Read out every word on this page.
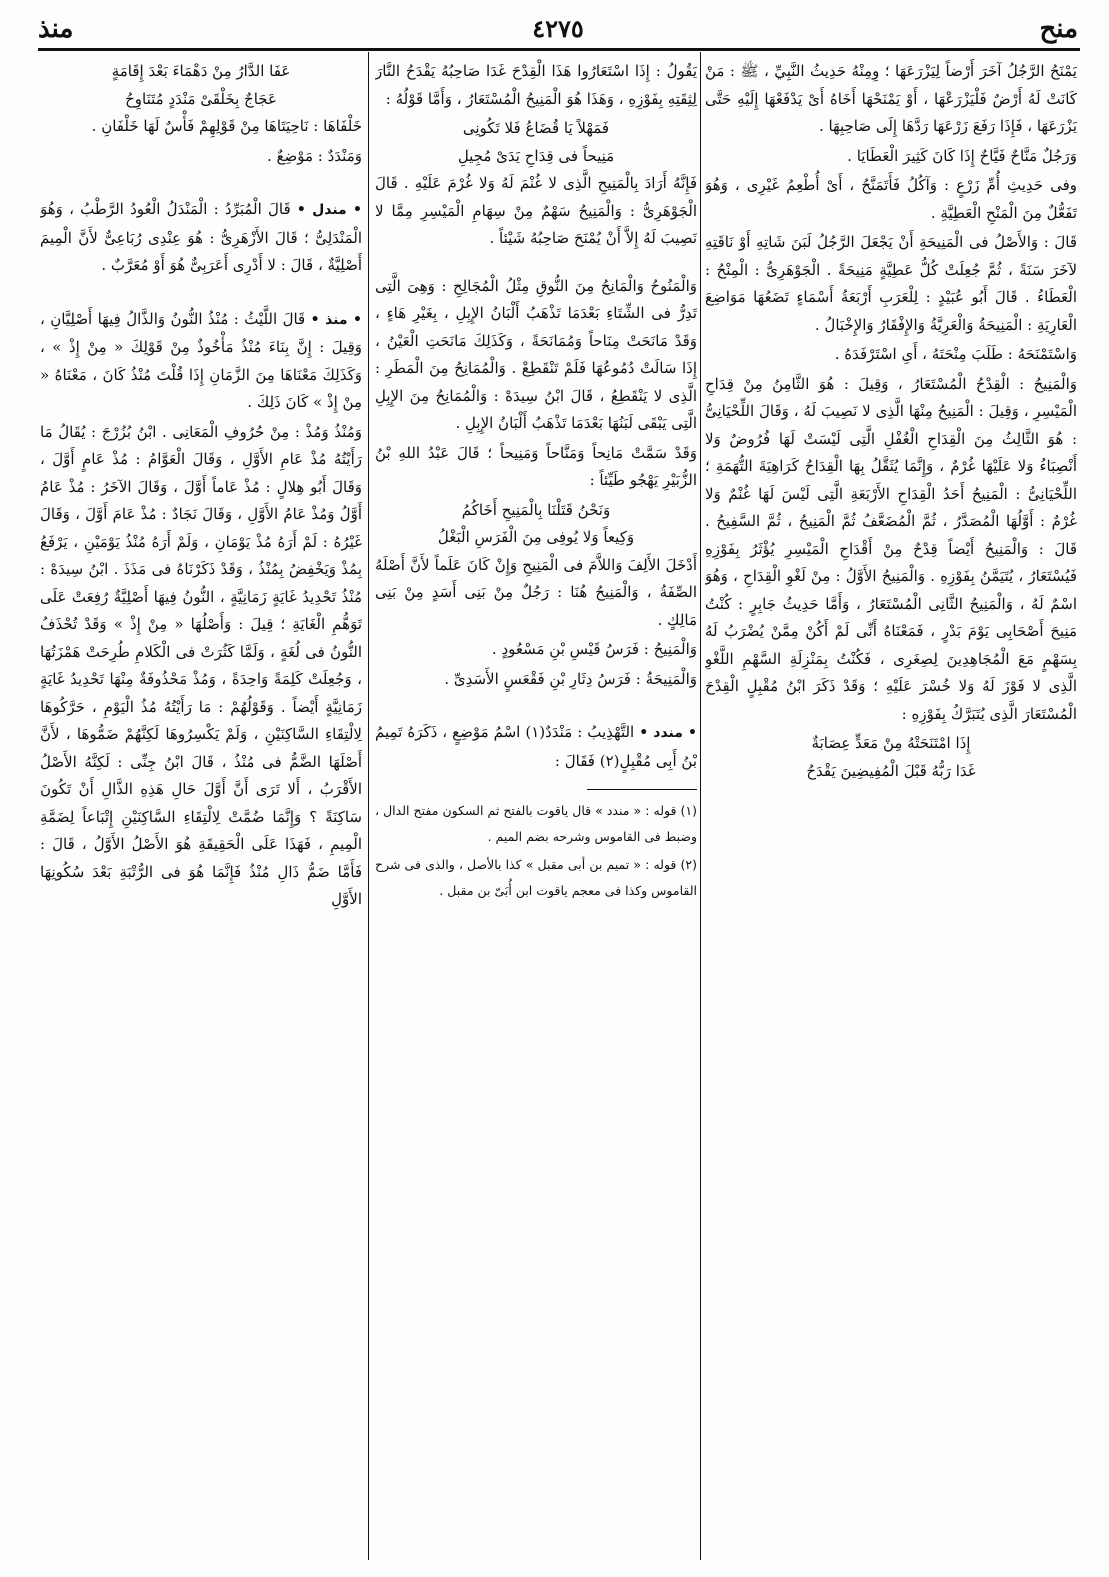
منح
٤٢٧٥
منذ

يَمْنَحُ الرَّجُلُ آخَرَ أَرْضاً لِيَزْرَعَهَا ؛ وِمِنْهُ حَدِيثُ النَّبِيِّ ، ﷺ : مَنْ كَانَتْ لَهُ أَرْضٌ فَلْيَزْرَعْهَا ، أَوْ يَمْنَحْهَا أَخَاهُ أَىْ يَدْفَعْهَا إِلَيْهِ حَتَّى يَزْرَعَهَا ، فَإِذَا رَفَعَ زَرْعَهَا رَدَّهَا إِلَى صَاحِبِهَا .

وَرَجُلٌ مَنَّاحٌ فَيَّاحٌ إِذَا كَانَ كَثِيرَ الْعَطَايَا .

وفى حَدِيثِ أُمِّ زَرْعٍ : وَآكُلُ فَأَتَمَنَّحُ ، أَىْ أُطْعِمُ غَيْرِى ، وَهُوَ تَفَعُّلٌ مِنَ الْمَنْحِ الْعَطِيَّةِ .

قَالَ : وَالأَصْلُ فى الْمَنِيحَةِ أَنْ يَجْعَلَ الرَّجُلُ لَبَنَ شَاتِهِ أَوْ نَاقَتِهِ لآخَرَ سَنَةً ، ثُمَّ جُعِلَتْ كُلُّ عَطِيَّةٍ مَنِيحَةً . الْجَوْهَرِىُّ : الْمِنْحُ : الْعَطَاءُ . قَالَ أَبُو عُبَيْدٍ : لِلْعَرَبِ أَرْبَعَةُ أَسْمَاءٍ تَضَعُهَا مَوَاضِعَ الْعَارِيَةِ : الْمَنِيحَةُ وَالْعَرِيَّةُ وَالإِفْقَارُ وَالإِخْبَالُ .

وَاسْتَمْنَحَهُ : طَلَبَ مِنْحَتَهُ ، أَىِ اسْتَرْفَدَهُ .

وَالْمَنِيحُ : الْقِدْحُ الْمُسْتَعَارُ ، وَقِيلَ : هُوَ الثَّامِنُ مِنْ قِدَاحِ الْمَيْسِرِ ، وَقِيلَ : الْمَنِيحُ مِنْهَا الَّذِى لا نَصِيبَ لَهُ ، وَقَالَ اللِّحْيَانِىُّ : هُوَ الثَّالِثُ مِنَ الْقِدَاحِ الْغُفْلِ الَّتِى لَيْسَتْ لَهَا فُرُوضٌ وَلا أَنْصِبَاءُ وَلا عَلَيْهَا غُرْمٌ ، وَإِنَّمَا يُثَقَّلُ بِهَا الْقِدَاحُ كَرَاهِيَةَ التُّهَمَةِ ؛ اللِّحْيَانِىُّ : الْمَنِيحُ أَحَدُ الْقِدَاحِ الأَرْبَعَةِ الَّتِى لَيْسَ لَهَا غُنْمٌ وَلا غُرْمٌ : أَوَّلُهَا الْمُصَدَّرُ ، ثُمَّ الْمُضَعَّفُ ثُمَّ الْمَنِيحُ ، ثُمَّ السَّفِيحُ . قَالَ : وَالْمَنِيحُ أَيْضاً قِدْحٌ مِنْ أَقْدَاحِ الْمَيْسِرِ يُؤْثَرُ بِفَوْزِهِ فَيُسْتَعَارُ ، يُتَيَمَّنُ بِفَوْزِهِ . وَالْمَنِيحُ الأَوَّلُ : مِنْ لَغْوِ الْقِدَاحِ ، وَهُوَ اسْمٌ لَهُ ، وَالْمَنِيحُ الثَّانِى الْمُسْتَعَارُ ، وَأَمَّا حَدِيثُ جَابِرٍ : كُنْتُ مَنِيحَ أَصْحَابِى يَوْمَ بَدْرٍ ، فَمَعْنَاهُ أَنِّى لَمْ أَكُنْ مِمَّنْ يُضْرَبُ لَهُ بِسَهْمٍ مَعَ الْمُجَاهِدِينَ لِصِغَرِى ، فَكُنْتُ بِمَنْزِلَةِ السَّهْمِ اللَّغْوِ الَّذِى لا فَوْزَ لَهُ وَلا خُسْرَ عَلَيْهِ ؛ وَقَدْ ذَكَرَ ابْنُ مُقْبِلٍ الْقِدْحَ الْمُسْتَعَارَ الَّذِى يُتَبَرَّكُ بِفَوْزِهِ :

إِذَا امْتَنَحَتْهُ مِنْ مَعَدٍّ عِصَابَةٌ

غَدَا رَبُّهُ قَبْلَ الْمُفِيضِينَ يَقْدَحُ

يَقُولُ : إِذَا اسْتَعَارُوا هَذَا الْقِدْحَ غَدَا صَاحِبُهُ يَقْدَحُ النَّارَ لِثِقَتِهِ بِفَوْزِهِ ، وَهَذَا هُوَ الْمَنِيحُ الْمُسْتَعَارُ ، وَأَمَّا قَوْلُهُ :

فَمَهْلاً يَا قُضَاعُ فَلا تَكُونِى

مَنِيحاً فى قِدَاحِ يَدَىْ مُجِيلِ

فَإِنَّهُ أَرَادَ بِالْمَنِيحِ الَّذِى لا غُنْمَ لَهُ وَلا غُرْمَ عَلَيْهِ . قَالَ الْجَوْهَرِىُّ : وَالْمَنِيحُ سَهْمٌ مِنْ سِهَامِ الْمَيْسِرِ مِمَّا لا نَصِيبَ لَهُ إِلاَّ أَنْ يُمْنَحَ صَاحِبُهُ شَيْئاً .

وَالْمَنُوحُ وَالْمَانِحُ مِنَ النُّوقِ مِثْلُ الْمُجَالِحِ : وَهِىَ الَّتِى تَدِرُّ فى الشِّتَاءِ بَعْدَمَا تَذْهَبُ أَلْبَانُ الإِبِلِ ، بِغَيْرِ هَاءٍ ، وَقَدْ مَانَحَتْ مِنَاحاً وَمُمَانَحَةً ، وَكَذَلِكَ مَانَحَتِ الْعَيْنُ ، إِذَا سَالَتْ دُمُوعُهَا فَلَمْ تَنْقَطِعْ . وَالْمُمَانِحُ مِنَ الْمَطَرِ : الَّذِى لا يَنْقَطِعُ ، قَالَ ابْنُ سِيدَهْ : وَالْمُمَانِحُ مِنَ الإِبِلِ الَّتِى يَبْقَى لَبَنُهَا بَعْدَمَا تَذْهَبُ أَلْبَانُ الإِبِلِ .

وَقَدْ سَمَّتْ مَانِحاً وَمَنَّاحاً وَمَنِيحاً ؛ قَالَ عَبْدُ اللهِ بْنُ الزُّبَيْرِ يَهْجُو طَيِّئاً :

وَنَحْنُ قَتَلْنَا بِالْمَنِيحِ أَخَاكُمُ

وَكِيعاً وَلا يُوفِى مِنَ الْفَرَسِ الْبَغْلُ

أَدْخَلَ الأَلِفَ وَاللاَّمَ فى الْمَنِيحِ وَإِنْ كَانَ عَلَماً لأَنَّ أَصْلَهُ الصِّفَةُ ، وَالْمَنِيحُ هُنَا : رَجُلٌ مِنْ بَنِى أَسَدٍ مِنْ بَنِى مَالِكٍ .

وَالْمَنِيحُ : فَرَسُ قَيْسِ بْنِ مَسْعُودٍ .

وَالْمَنِيحَةُ : فَرَسُ دِثَارِ بْنِ فَقْعَسٍ الأَسَدِىِّ .

• مندد • التَّهْذِيبُ : مَنْدَدٌ(١) اسْمُ مَوْضِعٍ ، ذَكَرَهُ تَمِيمُ بْنُ أَبِى مُقْبِلٍ(٢) فَقَالَ :

(١) قوله : « مندد » قال ياقوت بالفتح ثم السكون مفتح الدال ، وضبط فى القاموس وشرحه بضم الميم .

(٢) قوله : « تميم بن أبى مقبل » كذا بالأصل ، والذى فى شرح القاموس وكذا فى معجم ياقوت ابن أُبَىّ بن مقبل .

عَفَا الدَّارُ مِنْ دَهْمَاءَ بَعْدَ إِقَامَةٍ

عَجَاجٌ بِخَلْقَىْ مَنْدَدٍ مُتَنَاوِحُ

خَلْفَاهَا : نَاحِيَتَاهَا مِنْ قَوْلِهِمْ فَأْسٌ لَهَا خَلْفَانِ .

وَمَنْدَدٌ : مَوْضِعٌ .

• مندل • قَالَ الْمُبَرِّدُ : الْمَنْدَلُ الْعُودُ الرَّطْبُ ، وَهُوَ الْمَنْدَلِىُّ ؛ قَالَ الأَزْهَرِىُّ : هُوَ عِنْدِى رُبَاعِىٌّ لأَنَّ الْمِيمَ أَصْلِيَّةٌ ، قَالَ : لا أَدْرِى أَعَرَبِىٌّ هُوَ أَوْ مُعَرَّبٌ .

• منذ • قَالَ اللَّيْثُ : مُنْذُ النُّونُ وَالذَّالُ فِيهَا أَصْلِيَّانِ ، وَقِيلَ : إِنَّ بِنَاءَ مُنْذُ مَأْخُوذٌ مِنْ قَوْلِكَ « مِنْ إِذْ » ، وَكَذَلِكَ مَعْنَاهَا مِنَ الزَّمَانِ إِذَا قُلْتَ مُنْذُ كَانَ ، مَعْنَاهُ « مِنْ إِذْ » كَانَ ذَلِكَ .

وَمُنْذُ وَمُذْ : مِنْ حُرُوفِ الْمَعَانِى . ابْنُ بُزُرْجَ : يُقَالُ مَا رَأَيْتُهُ مُذْ عَامِ الأَوَّلِ ، وَقَالَ الْعَوَّامُ : مُذْ عَامٍ أَوَّلَ ، وَقَالَ أَبُو هِلالٍ : مُذْ عَاماً أَوَّلَ ، وَقَالَ الآخَرُ : مُذْ عَامُ أَوَّلُ وَمُذْ عَامُ الأَوَّلِ ، وَقَالَ نَجَادٌ : مُذْ عَامَ أَوَّلَ ، وَقَالَ غَيْرُهُ : لَمْ أَرَهُ مُذْ يَوْمَانِ ، وَلَمْ أَرَهُ مُنْذُ يَوْمَيْنِ ، يَرْفَعُ بِمُذْ وَيَخْفِضُ بِمُنْذُ ، وَقَدْ ذَكَرْنَاهُ فى مَذَذَ . ابْنُ سِيدَهْ : مُنْذُ تَحْدِيدُ غَايَةٍ زَمَانِيَّةٍ ، النُّونُ فِيهَا أَصْلِيَّةٌ رُفِعَتْ عَلَى تَوَهُّمِ الْغَايَةِ ؛ قِيلَ : وَأَصْلُهَا « مِنْ إِذْ » وَقَدْ تُحْذَفُ النُّونُ فى لُغَةٍ ، وَلَمَّا كَثُرَتْ فى الْكَلامِ طُرِحَتْ هَمْزَتُهَا ، وَجُعِلَتْ كَلِمَةً وَاحِدَةً ، وَمُذْ مَحْذُوفَةٌ مِنْهَا تَحْدِيدُ غَايَةٍ زَمَانِيَّةٍ أَيْضاً . وَقَوْلُهُمْ : مَا رَأَيْتُهُ مُذُ الْيَوْمِ ، حَرَّكُوهَا لِالْتِقَاءِ السَّاكِنَيْنِ ، وَلَمْ يَكْسِرُوهَا لَكِنَّهُمْ ضَمُّوهَا ، لأَنَّ أَصْلَهَا الضَّمُّ فى مُنْذُ ، قَالَ ابْنُ جِنِّى : لَكِنَّهُ الأَصْلُ الأَقْرَبُ ، أَلا تَرَى أَنَّ أَوَّلَ حَالِ هَذِهِ الذَّالِ أَنْ تَكُونَ سَاكِنَةً ؟ وَإِنَّمَا ضُمَّتْ لِالْتِقَاءِ السَّاكِنَيْنِ إِتْبَاعاً لِضَمَّةِ الْمِيمِ ، فَهَذَا عَلَى الْحَقِيقَةِ هُوَ الأَصْلُ الأَوَّلُ ، قَالَ : فَأَمَّا ضَمُّ ذَالِ مُنْذُ فَإِنَّمَا هُوَ فى الرُّتْبَةِ بَعْدَ سُكُونِهَا الأَوَّلِ
